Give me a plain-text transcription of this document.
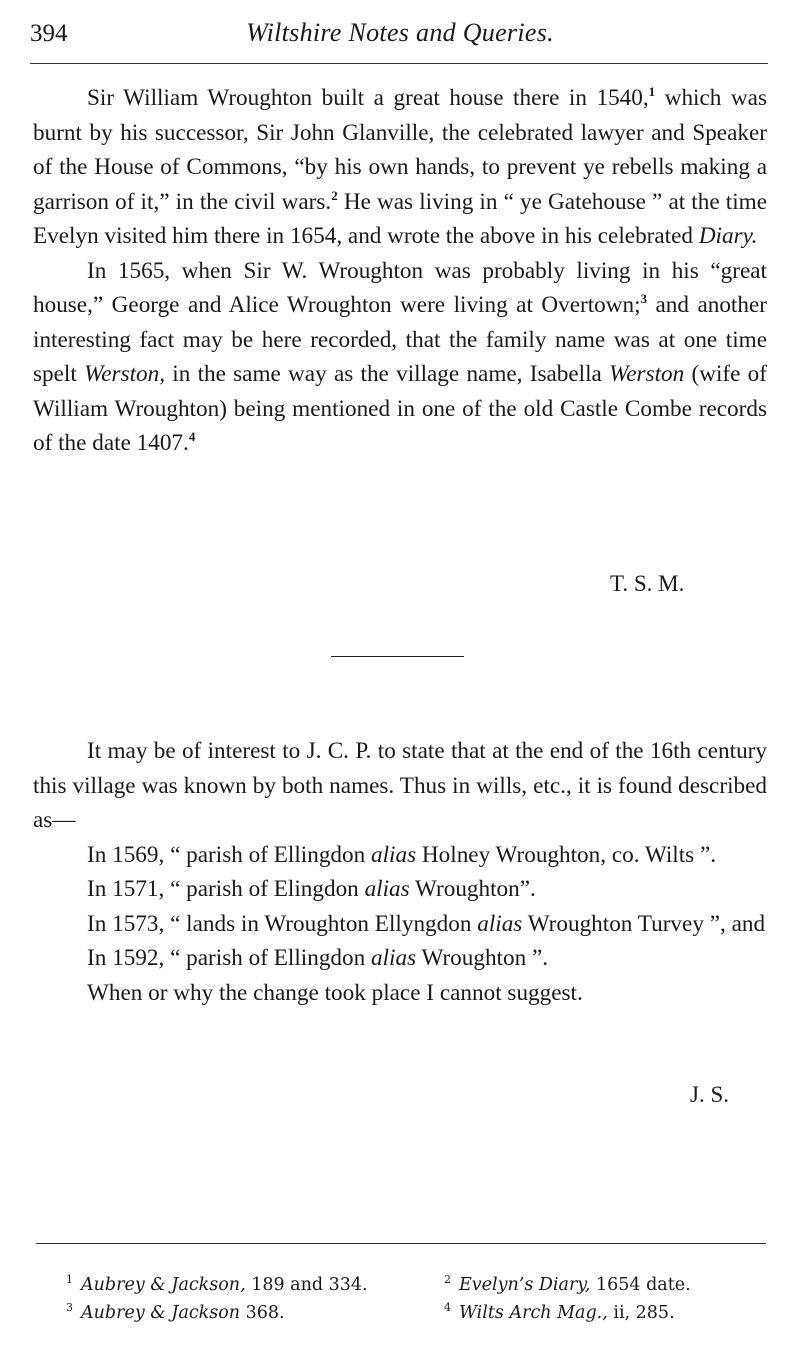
394	Wiltshire Notes and Queries.

Sir William Wroughton built a great house there in 1540,$^1$ which was burnt by his successor, Sir John Glanville, the celebrated lawyer and Speaker of the House of Commons, “by his own hands, to prevent ye rebells making a garrison of it,” in the civil wars.$^2$ He was living in “ ye Gatehouse ” at the time Evelyn visited him there in 1654, and wrote the above in his celebrated Diary.

In 1565, when Sir W. Wroughton was probably living in his “great house,” George and Alice Wroughton were living at Overtown;$^3$ and another interesting fact may be here recorded, that the family name was at one time spelt Werston, in the same way as the village name, Isabella Werston (wife of William Wroughton) being mentioned in one of the old Castle Combe records of the date 1407.$^4$

T. S. M.

It may be of interest to J. C. P. to state that at the end of the 16th century this village was known by both names. Thus in wills, etc., it is found described as—

In 1569, “ parish of Ellingdon alias Holney Wroughton, co. Wilts ”.

In 1571, “ parish of Elingdon alias Wroughton”.

In 1573, “ lands in Wroughton Ellyngdon alias Wroughton Turvey ”, and

In 1592, “ parish of Ellingdon alias Wroughton ”.

When or why the change took place I cannot suggest.

J. S.
$^1$ Aubrey & Jackson, 189 and 334.	$^2$ Evelyn’s Diary, 1654 date.
$^3$ Aubrey & Jackson 368.	$^4$ Wilts Arch Mag., ii, 285.
